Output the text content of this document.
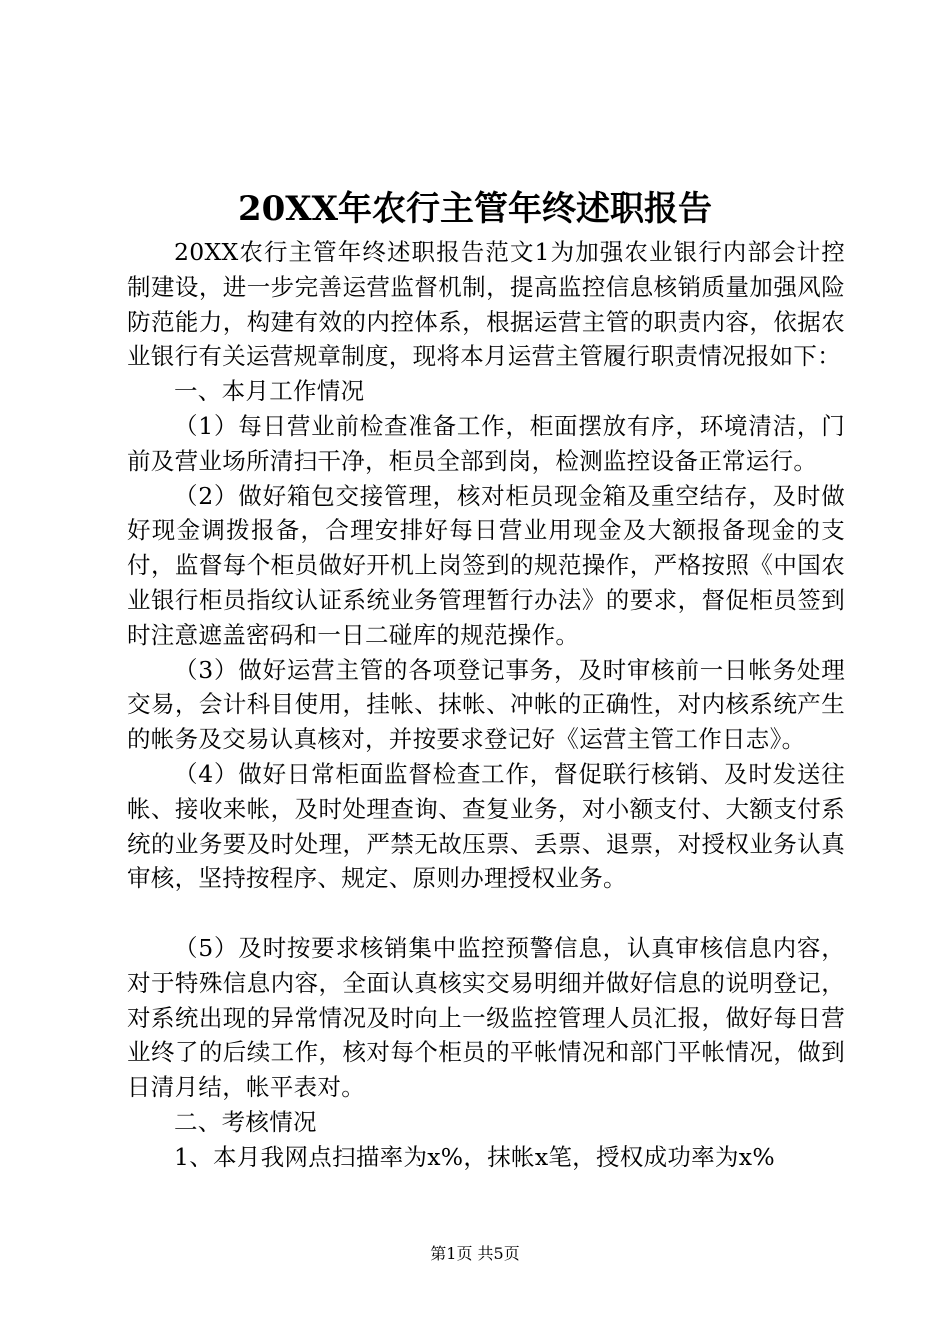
20XX年农行主管年终述职报告

20XX农行主管年终述职报告范文1为加强农业银行内部会计控制建设，进一步完善运营监督机制，提高监控信息核销质量加强风险防范能力，构建有效的内控体系，根据运营主管的职责内容，依据农业银行有关运营规章制度，现将本月运营主管履行职责情况报如下：

一、本月工作情况

（1）每日营业前检查准备工作，柜面摆放有序，环境清洁，门前及营业场所清扫干净，柜员全部到岗，检测监控设备正常运行。

（2）做好箱包交接管理，核对柜员现金箱及重空结存，及时做好现金调拨报备，合理安排好每日营业用现金及大额报备现金的支付，监督每个柜员做好开机上岗签到的规范操作，严格按照《中国农业银行柜员指纹认证系统业务管理暂行办法》的要求，督促柜员签到时注意遮盖密码和一日二碰库的规范操作。

（3）做好运营主管的各项登记事务，及时审核前一日帐务处理交易，会计科目使用，挂帐、抹帐、冲帐的正确性，对内核系统产生的帐务及交易认真核对，并按要求登记好《运营主管工作日志》。

（4）做好日常柜面监督检查工作，督促联行核销、及时发送往帐、接收来帐，及时处理查询、查复业务，对小额支付、大额支付系统的业务要及时处理，严禁无故压票、丢票、退票，对授权业务认真审核，坚持按程序、规定、原则办理授权业务。

（5）及时按要求核销集中监控预警信息，认真审核信息内容，对于特殊信息内容，全面认真核实交易明细并做好信息的说明登记，对系统出现的异常情况及时向上一级监控管理人员汇报，做好每日营业终了的后续工作，核对每个柜员的平帐情况和部门平帐情况，做到日清月结，帐平表对。

二、考核情况

1、本月我网点扫描率为x%，抹帐x笔，授权成功率为x%

第1页 共5页
